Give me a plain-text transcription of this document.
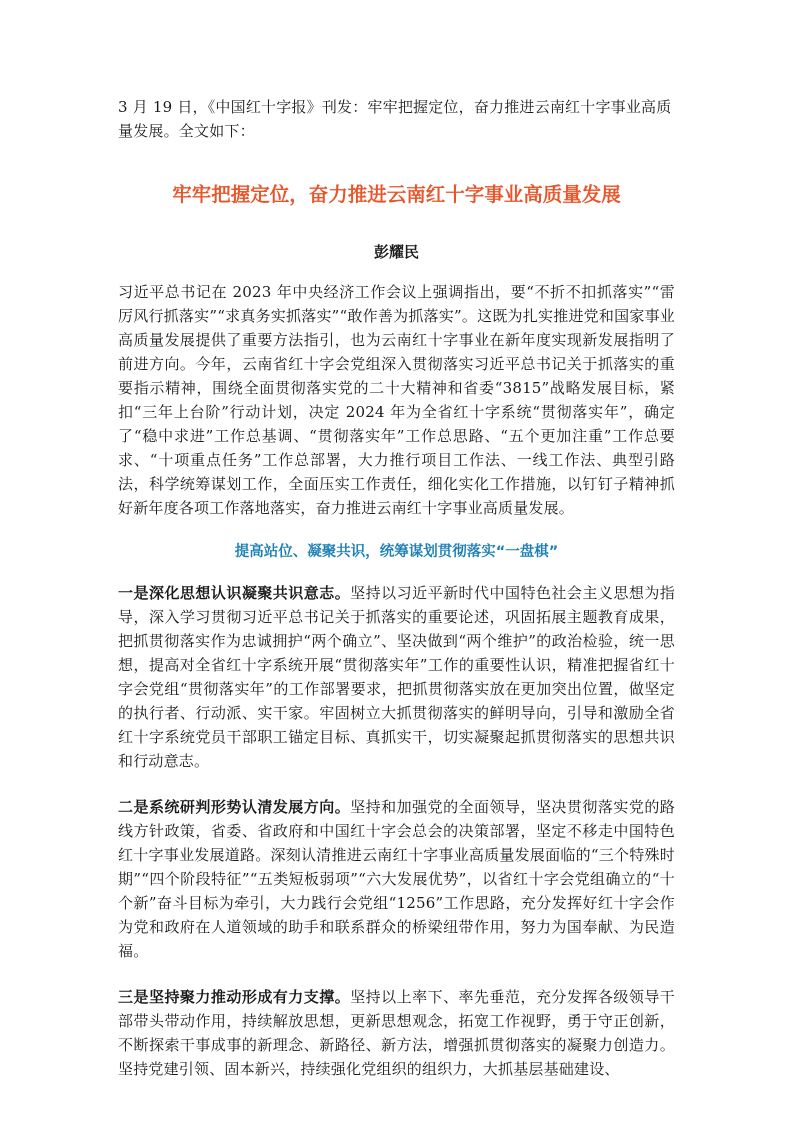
3 月 19 日，《中国红十字报》刊发：牢牢把握定位，奋力推进云南红十字事业高质量发展。全文如下：

牢牢把握定位，奋力推进云南红十字事业高质量发展
彭耀民

习近平总书记在 2023 年中央经济工作会议上强调指出，要“不折不扣抓落实”“雷厉风行抓落实”“求真务实抓落实”“敢作善为抓落实”。这既为扎实推进党和国家事业高质量发展提供了重要方法指引，也为云南红十字事业在新年度实现新发展指明了前进方向。今年，云南省红十字会党组深入贯彻落实习近平总书记关于抓落实的重要指示精神，围绕全面贯彻落实党的二十大精神和省委“3815”战略发展目标，紧扣“三年上台阶”行动计划，决定 2024 年为全省红十字系统“贯彻落实年”，确定了“稳中求进”工作总基调、“贯彻落实年”工作总思路、“五个更加注重”工作总要求、“十项重点任务”工作总部署，大力推行项目工作法、一线工作法、典型引路法，科学统筹谋划工作，全面压实工作责任，细化实化工作措施，以钉钉子精神抓好新年度各项工作落地落实，奋力推进云南红十字事业高质量发展。

提高站位、凝聚共识，统筹谋划贯彻落实“一盘棋”

一是深化思想认识凝聚共识意志。坚持以习近平新时代中国特色社会主义思想为指导，深入学习贯彻习近平总书记关于抓落实的重要论述，巩固拓展主题教育成果，把抓贯彻落实作为忠诚拥护“两个确立”、坚决做到“两个维护”的政治检验，统一思想，提高对全省红十字系统开展“贯彻落实年”工作的重要性认识，精准把握省红十字会党组“贯彻落实年”的工作部署要求，把抓贯彻落实放在更加突出位置，做坚定的执行者、行动派、实干家。牢固树立大抓贯彻落实的鲜明导向，引导和激励全省红十字系统党员干部职工锚定目标、真抓实干，切实凝聚起抓贯彻落实的思想共识和行动意志。

二是系统研判形势认清发展方向。坚持和加强党的全面领导，坚决贯彻落实党的路线方针政策，省委、省政府和中国红十字会总会的决策部署，坚定不移走中国特色红十字事业发展道路。深刻认清推进云南红十字事业高质量发展面临的“三个特殊时期”“四个阶段特征”“五类短板弱项”“六大发展优势”，以省红十字会党组确立的“十个新”奋斗目标为牵引，大力践行会党组“1256”工作思路，充分发挥好红十字会作为党和政府在人道领域的助手和联系群众的桥梁纽带作用，努力为国奉献、为民造福。

三是坚持聚力推动形成有力支撑。坚持以上率下、率先垂范，充分发挥各级领导干部带头带动作用，持续解放思想，更新思想观念，拓宽工作视野，勇于守正创新，不断探索干事成事的新理念、新路径、新方法，增强抓贯彻落实的凝聚力创造力。坚持党建引领、固本新兴，持续强化党组织的组织力，大抓基层基础建设、
